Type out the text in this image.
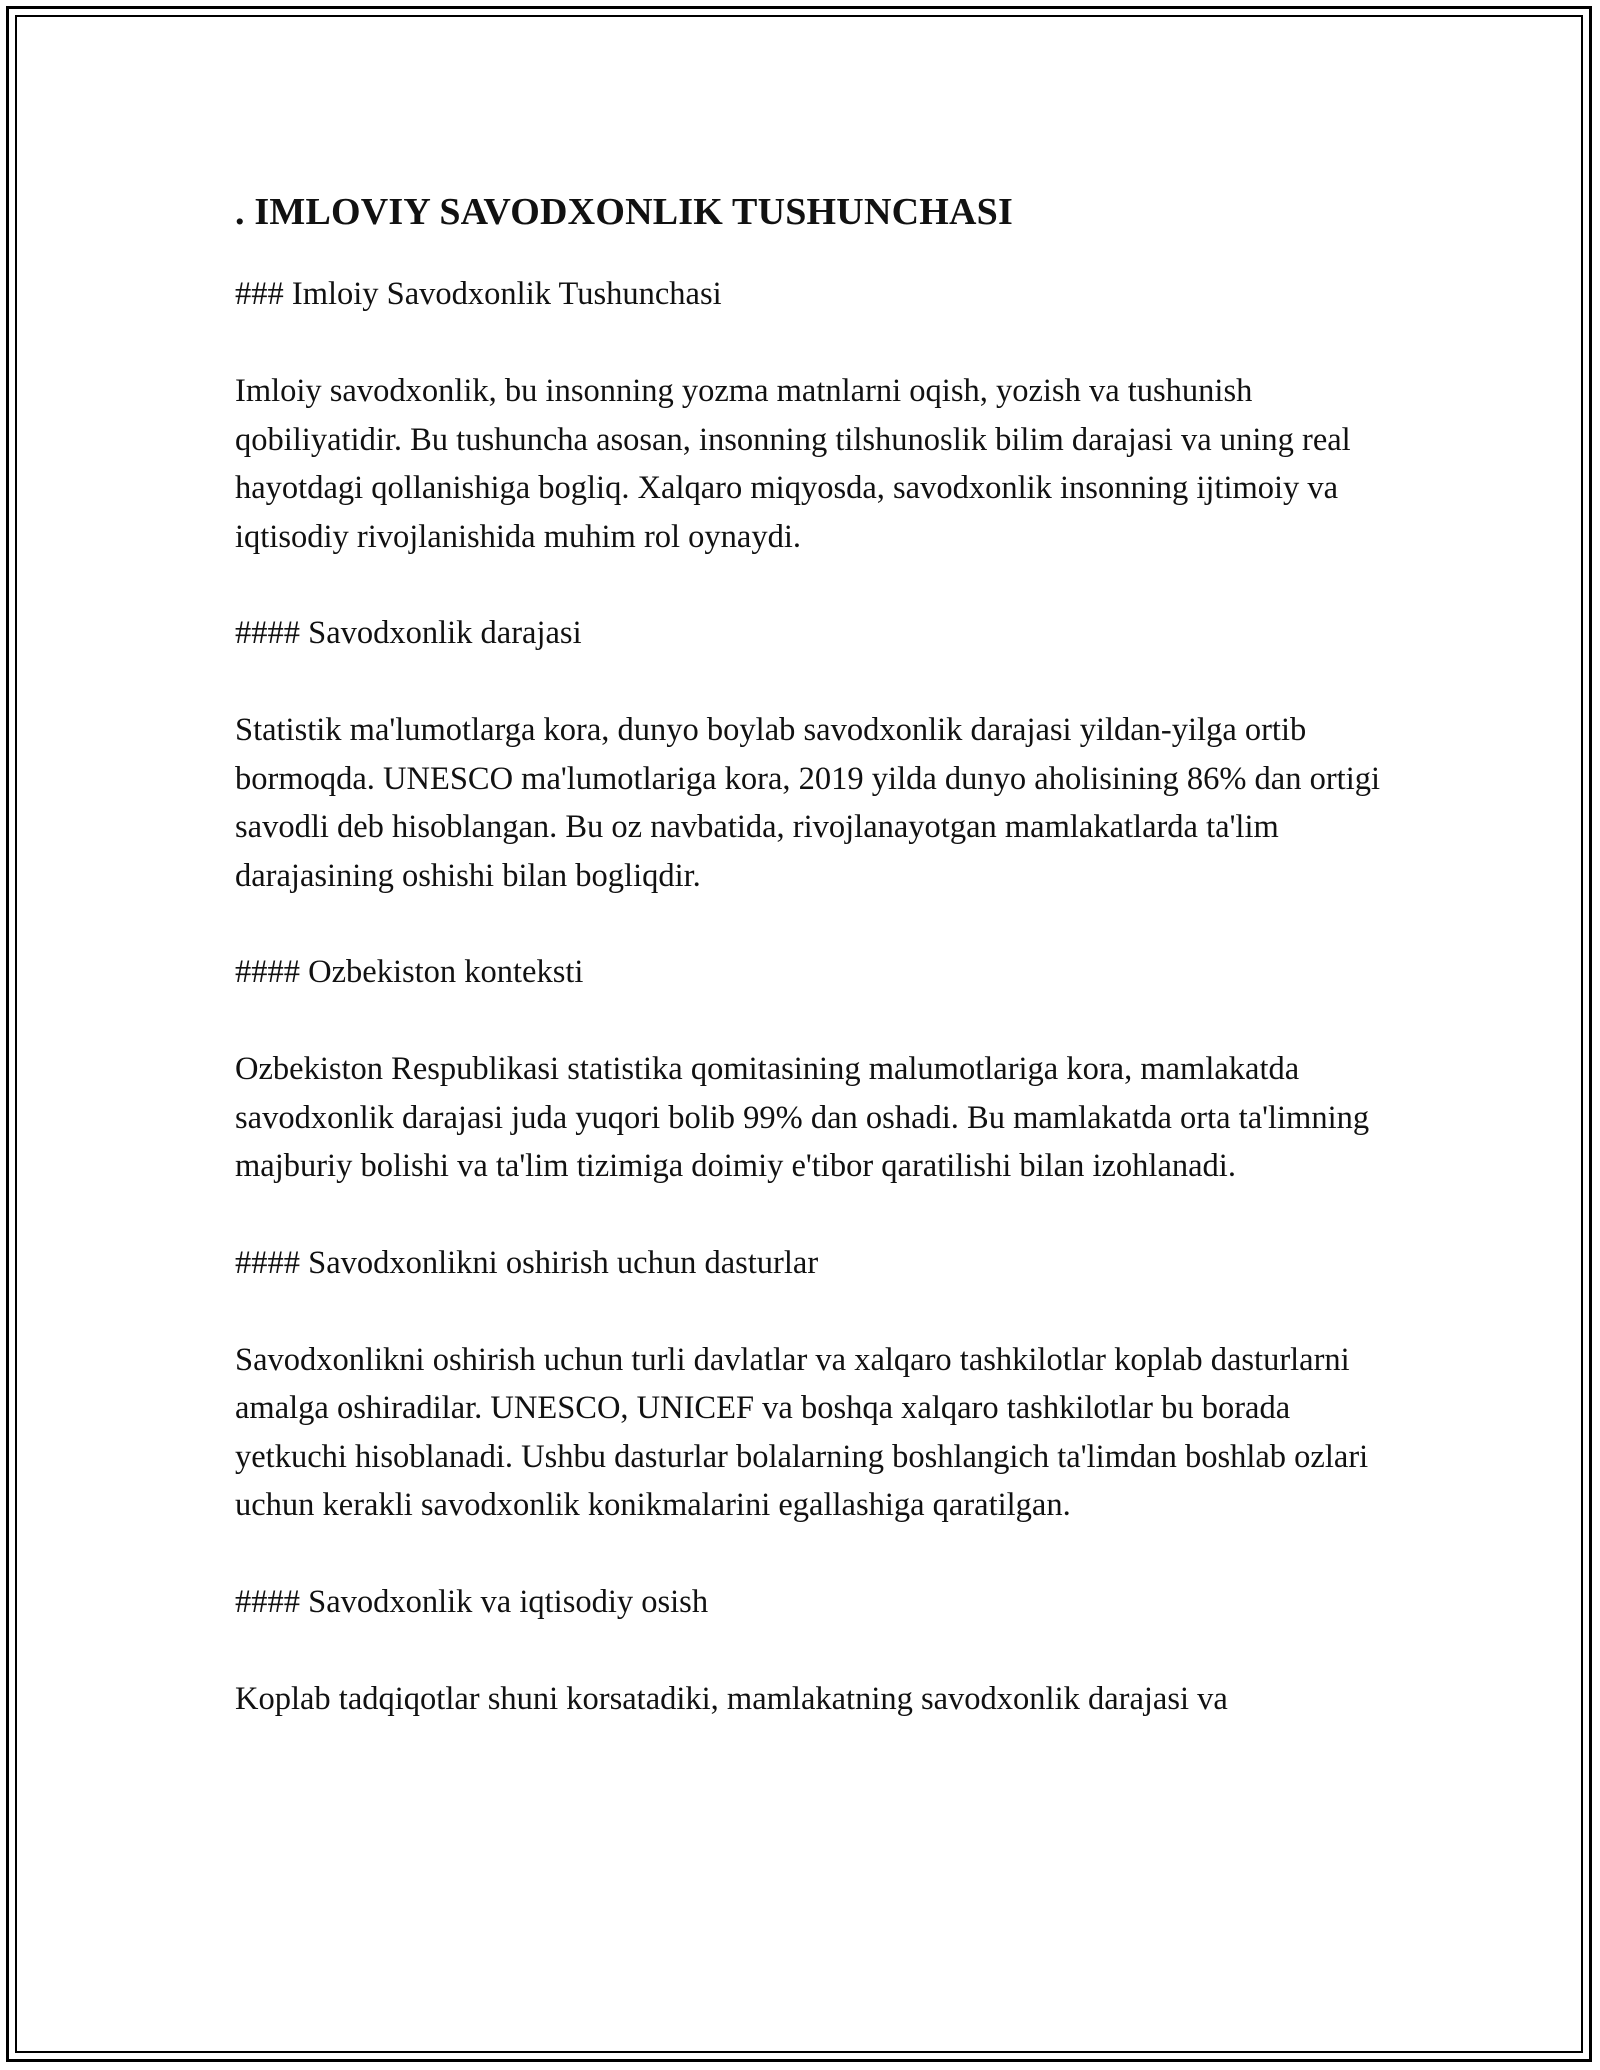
. IMLOVIY SAVODXONLIK TUSHUNCHASI
### Imloiy Savodxonlik Tushunchasi

Imloiy savodxonlik, bu insonning yozma matnlarni oqish, yozish va tushunish qobiliyatidir. Bu tushuncha asosan, insonning tilshunoslik bilim darajasi va uning real hayotdagi qollanishiga bogliq. Xalqaro miqyosda, savodxonlik insonning ijtimoiy va iqtisodiy rivojlanishida muhim rol oynaydi.

#### Savodxonlik darajasi

Statistik ma'lumotlarga kora, dunyo boylab savodxonlik darajasi yildan-yilga ortib bormoqda. UNESCO ma'lumotlariga kora, 2019 yilda dunyo aholisining 86% dan ortigi savodli deb hisoblangan. Bu oz navbatida, rivojlanayotgan mamlakatlarda ta'lim darajasining oshishi bilan bogliqdir.

#### Ozbekiston konteksti

Ozbekiston Respublikasi statistika qomitasining malumotlariga kora, mamlakatda savodxonlik darajasi juda yuqori bolib 99% dan oshadi. Bu mamlakatda orta ta'limning majburiy bolishi va ta'lim tizimiga doimiy e'tibor qaratilishi bilan izohlanadi.

#### Savodxonlikni oshirish uchun dasturlar

Savodxonlikni oshirish uchun turli davlatlar va xalqaro tashkilotlar koplab dasturlarni amalga oshiradilar. UNESCO, UNICEF va boshqa xalqaro tashkilotlar bu borada yetkuchi hisoblanadi. Ushbu dasturlar bolalarning boshlangich ta'limdan boshlab ozlari uchun kerakli savodxonlik konikmalarini egallashiga qaratilgan.

#### Savodxonlik va iqtisodiy osish

Koplab tadqiqotlar shuni korsatadiki, mamlakatning savodxonlik darajasi va
